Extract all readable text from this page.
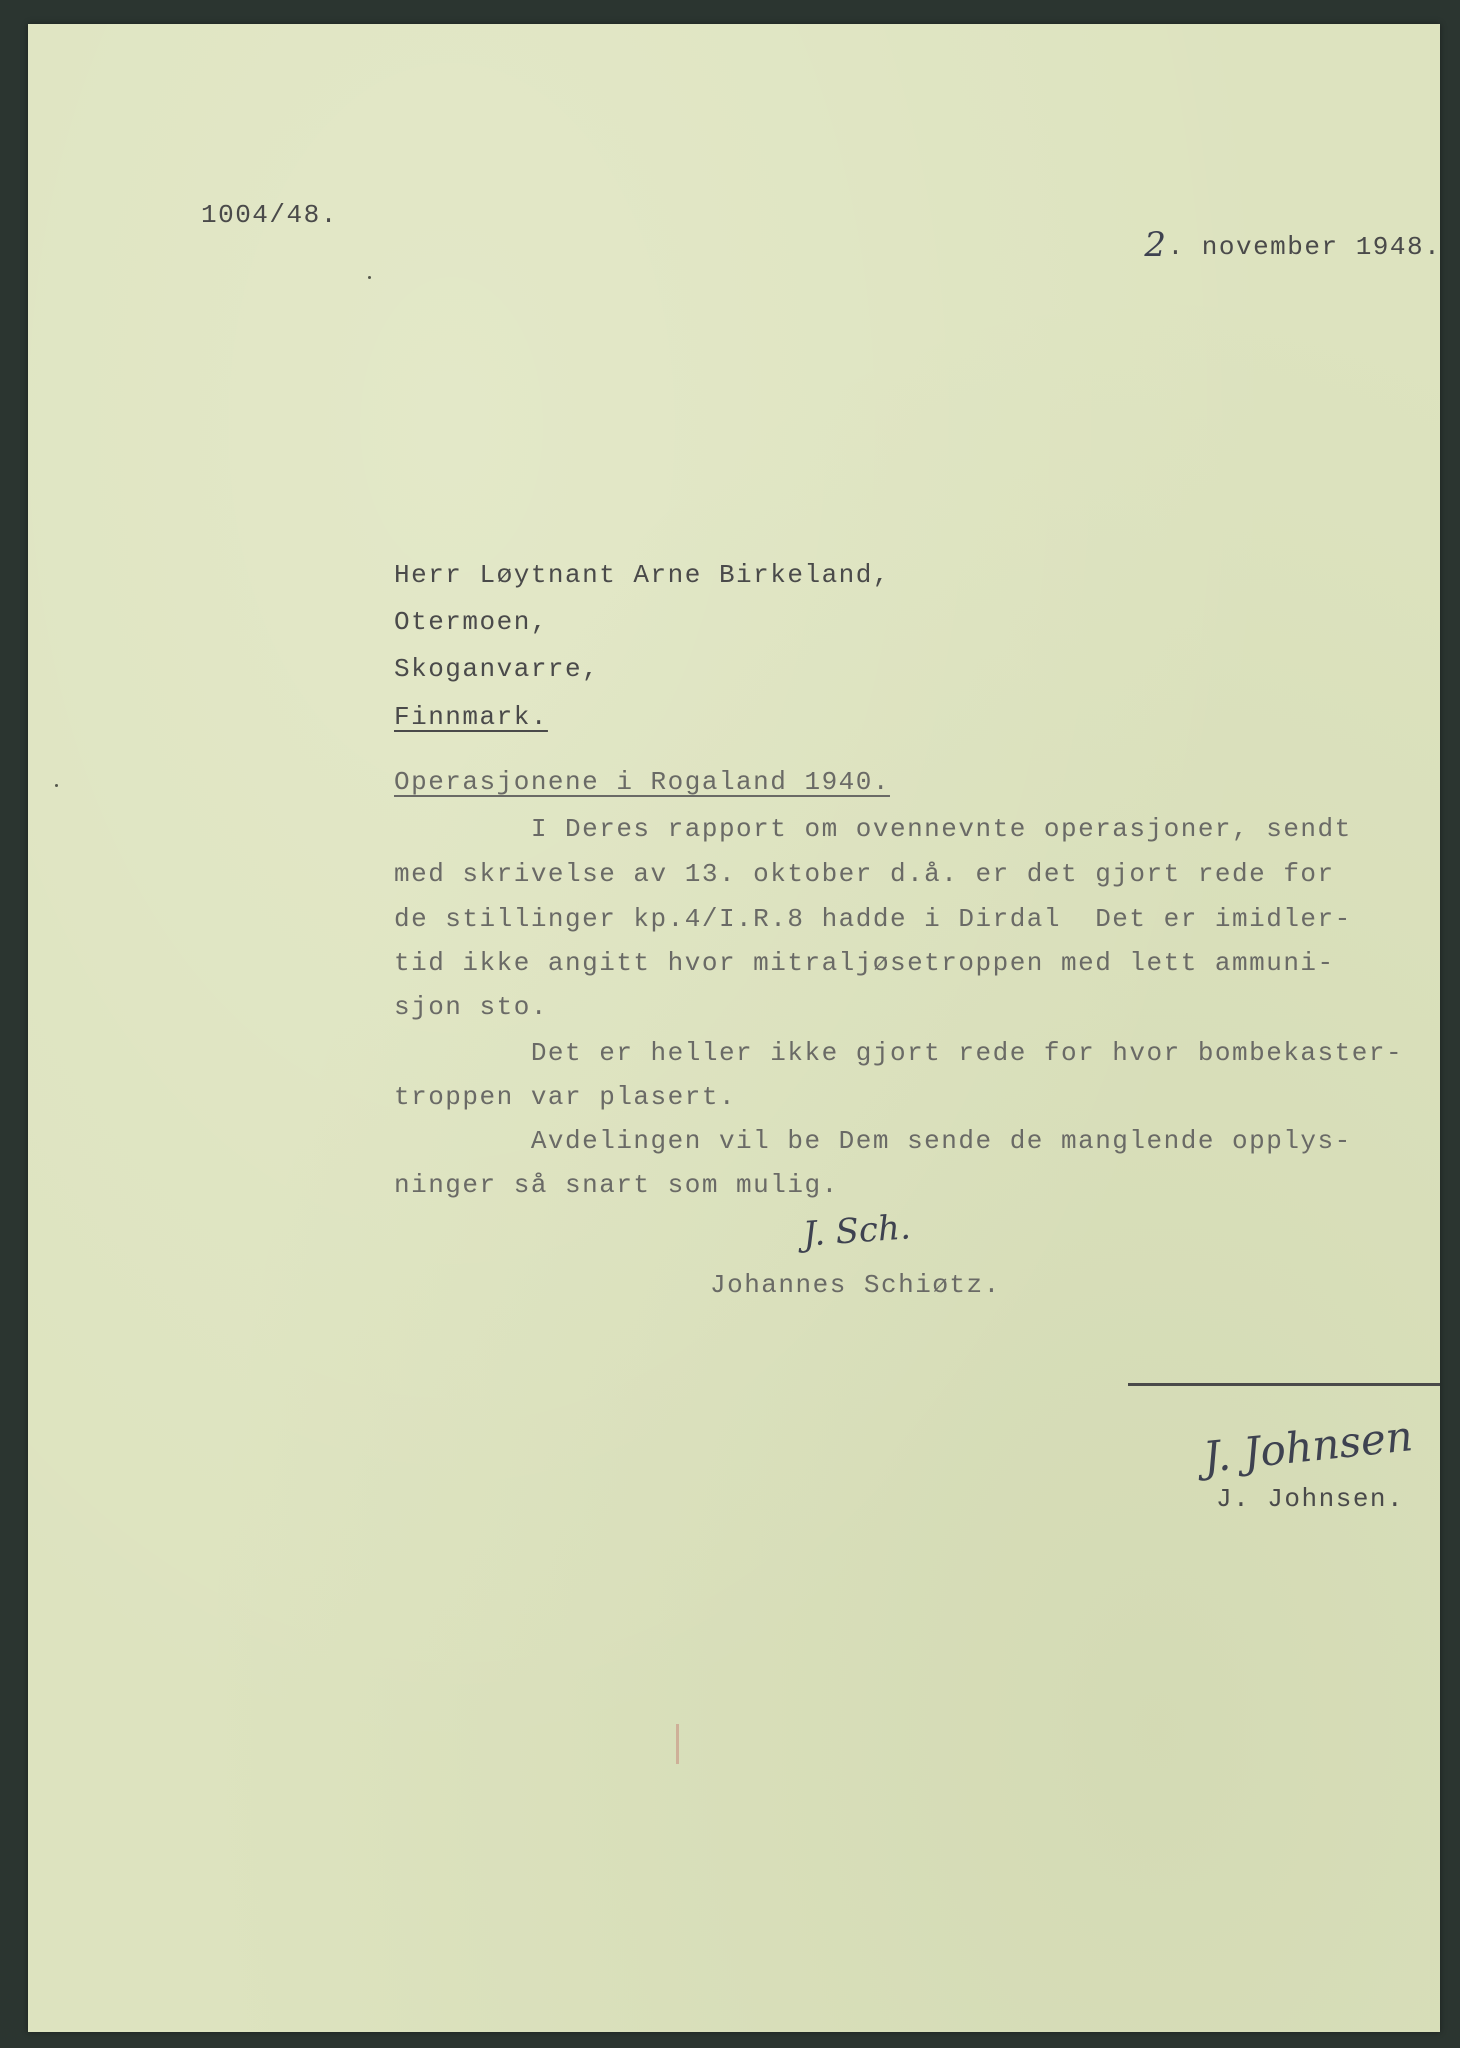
1004/48.

2. november 1948.

Herr Løytnant Arne Birkeland,
Otermoen,
Skoganvarre,
Finnmark.
Operasjonene i Rogaland 1940.
I Deres rapport om ovennevnte operasjoner, sendt
med skrivelse av 13. oktober d.å. er det gjort rede for
de stillinger kp.4/I.R.8 hadde i Dirdal  Det er imidler-
tid ikke angitt hvor mitraljøsetroppen med lett ammuni-
sjon sto.
Det er heller ikke gjort rede for hvor bombekaster-
troppen var plasert.
Avdelingen vil be Dem sende de manglende opplys-
ninger så snart som mulig.
J. Sch.
Johannes Schiøtz.
J. Johnsen
J. Johnsen.
